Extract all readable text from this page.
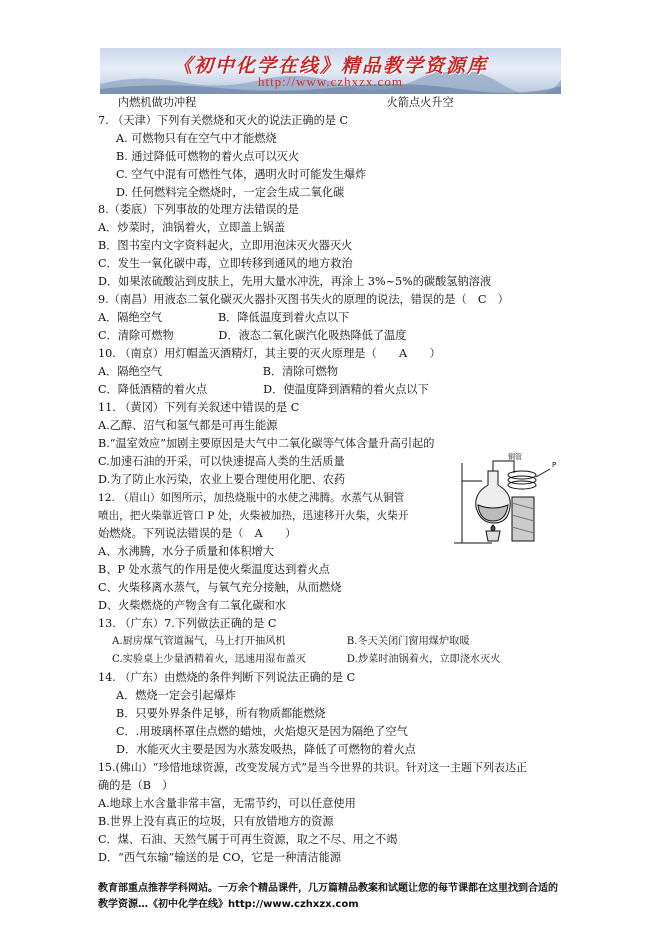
《初中化学在线》精品教学资源库
http://www.czhxzx.com
内燃机做功冲程　　　　　　　　　　　　　　　　　火箭点火升空
7. （天津）下列有关燃烧和灭火的说法正确的是 C
A. 可燃物只有在空气中才能燃烧
B. 通过降低可燃物的着火点可以灭火
C. 空气中混有可燃性气体，遇明火时可能发生爆炸
D. 任何燃料完全燃烧时，一定会生成二氧化碳
8.（娄底）下列事故的处理方法错误的是
A．炒菜时，油锅着火，立即盖上锅盖
B．图书室内文字资料起火，立即用泡沫灭火器灭火
C．发生一氧化碳中毒，立即转移到通风的地方救治
D．如果浓硫酸沾到皮肤上，先用大量水冲洗，再涂上 3%~5%的碳酸氢钠溶液
9.（南昌）用液态二氧化碳灭火器扑灭图书失火的原理的说法，错误的是（　C　）
A．隔绝空气　　　　　B．降低温度到着火点以下
C．清除可燃物　　　　D．液态二氧化碳汽化吸热降低了温度
10. （南京）用灯帽盖灭酒精灯，其主要的灭火原理是（　　A　　）
A．隔绝空气　　　　　　　　　B．清除可燃物
C．降低酒精的着火点　　　　　D．使温度降到酒精的着火点以下
11. （黄冈）下列有关叙述中错误的是 C
A.乙醇、沼气和氢气都是可再生能源
B.“温室效应”加剧主要原因是大气中二氧化碳等气体含量升高引起的
C.加速石油的开采，可以快速提高人类的生活质量
D.为了防止水污染，农业上要合理使用化肥、农药
12. （眉山）如图所示，加热烧瓶中的水使之沸腾。水蒸气从铜管
喷出，把火柴靠近管口 P 处，火柴被加热，迅速移开火柴，火柴开
始燃烧。下列说法错误的是（　A　　）
A、水沸腾，水分子质量和体积增大
B、P 处水蒸气的作用是使火柴温度达到着火点
C、火柴移离水蒸气，与氧气充分接触，从而燃烧
D、火柴燃烧的产物含有二氧化碳和水
13. （广东）7.下列做法正确的是 C
A.厨房煤气管道漏气，马上打开抽风机　　　　　　B.冬天关闭门窗用煤炉取暖
C.实验桌上少量酒精着火，迅速用湿布盖灭　　　　D.炒菜时油锅着火，立即浇水灭火
14. （广东）由燃烧的条件判断下列说法正确的是 C
A．燃烧一定会引起爆炸
B．只要外界条件足够，所有物质都能燃烧
C．.用玻璃杯罩住点燃的蜡烛，火焰熄灭是因为隔绝了空气
D．水能灭火主要是因为水蒸发吸热，降低了可燃物的着火点
15.(佛山）“珍惜地球资源，改变发展方式”是当今世界的共识。针对这一主题下列表达正
确的是（B　）
A.地球上水含量非常丰富，无需节约，可以任意使用
B.世界上没有真正的垃圾，只有放错地方的资源
C．煤、石油、天然气属于可再生资源，取之不尽、用之不竭
D．“西气东输”输送的是 CO，它是一种清洁能源
铜管
P
教育部重点推荐学科网站。一万余个精品课件，几万篇精品教案和试题让您的每节课都在这里找到合适的
教学资源…《初中化学在线》http://www.czhxzx.com
